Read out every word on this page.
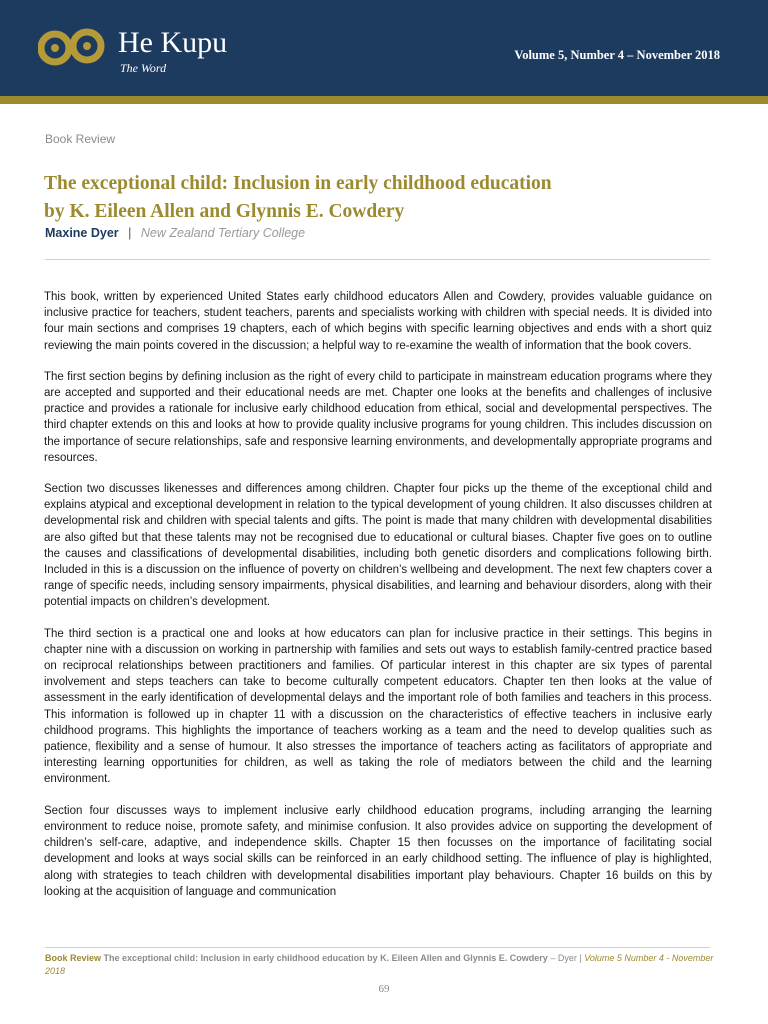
He Kupu
The Word
Volume 5, Number 4 – November 2018
Book Review
The exceptional child: Inclusion in early childhood education
by K. Eileen Allen and Glynnis E. Cowdery
Maxine Dyer | New Zealand Tertiary College

This book, written by experienced United States early childhood educators Allen and Cowdery, provides valuable guidance on inclusive practice for teachers, student teachers, parents and specialists working with children with special needs. It is divided into four main sections and comprises 19 chapters, each of which begins with specific learning objectives and ends with a short quiz reviewing the main points covered in the discussion; a helpful way to re-examine the wealth of information that the book covers.

The first section begins by defining inclusion as the right of every child to participate in mainstream education programs where they are accepted and supported and their educational needs are met. Chapter one looks at the benefits and challenges of inclusive practice and provides a rationale for inclusive early childhood education from ethical, social and developmental perspectives. The third chapter extends on this and looks at how to provide quality inclusive programs for young children. This includes discussion on the importance of secure relationships, safe and responsive learning environments, and developmentally appropriate programs and resources.

Section two discusses likenesses and differences among children. Chapter four picks up the theme of the exceptional child and explains atypical and exceptional development in relation to the typical development of young children. It also discusses children at developmental risk and children with special talents and gifts. The point is made that many children with developmental disabilities are also gifted but that these talents may not be recognised due to educational or cultural biases. Chapter five goes on to outline the causes and classifications of developmental disabilities, including both genetic disorders and complications following birth. Included in this is a discussion on the influence of poverty on children’s wellbeing and development. The next few chapters cover a range of specific needs, including sensory impairments, physical disabilities, and learning and behaviour disorders, along with their potential impacts on children’s development.

The third section is a practical one and looks at how educators can plan for inclusive practice in their settings. This begins in chapter nine with a discussion on working in partnership with families and sets out ways to establish family-centred practice based on reciprocal relationships between practitioners and families. Of particular interest in this chapter are six types of parental involvement and steps teachers can take to become culturally competent educators. Chapter ten then looks at the value of assessment in the early identification of developmental delays and the important role of both families and teachers in this process. This information is followed up in chapter 11 with a discussion on the characteristics of effective teachers in inclusive early childhood programs. This highlights the importance of teachers working as a team and the need to develop qualities such as patience, flexibility and a sense of humour. It also stresses the importance of teachers acting as facilitators of appropriate and interesting learning opportunities for children, as well as taking the role of mediators between the child and the learning environment.

Section four discusses ways to implement inclusive early childhood education programs, including arranging the learning environment to reduce noise, promote safety, and minimise confusion. It also provides advice on supporting the development of children’s self-care, adaptive, and independence skills. Chapter 15 then focusses on the importance of facilitating social development and looks at ways social skills can be reinforced in an early childhood setting. The influence of play is highlighted, along with strategies to teach children with developmental disabilities important play behaviours. Chapter 16 builds on this by looking at the acquisition of language and communication

Book Review The exceptional child: Inclusion in early childhood education by K. Eileen Allen and Glynnis E. Cowdery – Dyer | Volume 5 Number 4 - November 2018
69
